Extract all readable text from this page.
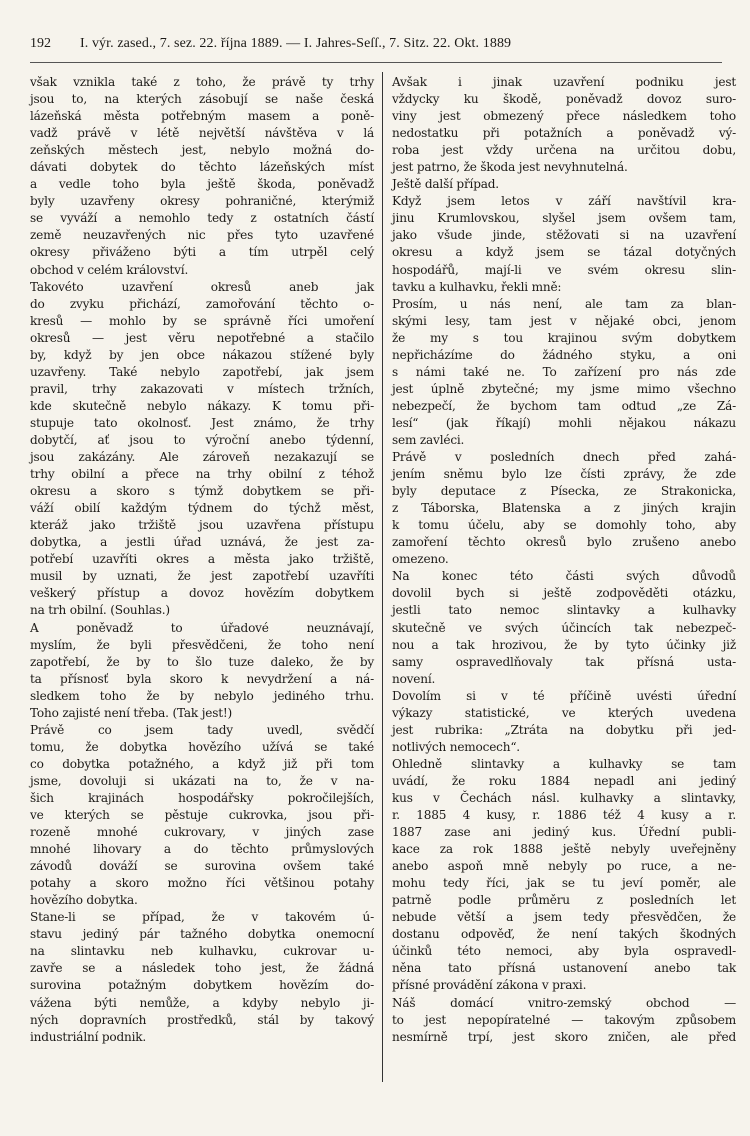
192 I. výr. zased., 7. sez. 22. října 1889. — I. Jahres-Seſſ., 7. Sitz. 22. Okt. 1889
však vznikla také z toho, že právě ty trhy
jsou to, na kterých zásobují se naše česká
lázeňská města potřebným masem a poně-
vadž právě v létě největší návštěva v lá
zeňských městech jest, nebylo možná do-
dávati dobytek do těchto lázeňských míst
a vedle toho byla ještě škoda, poněvadž
byly uzavřeny okresy pohraničné, kterýmiž
se vyváží a nemohlo tedy z ostatních částí
země neuzavřených nic přes tyto uzavřené
okresy přiváženo býti a tím utrpěl celý
obchod v celém království.
Takovéto uzavření okresů aneb jak
do zvyku přichází, zamořování těchto o-
kresů — mohlo by se správně říci umoření
okresů — jest věru nepotřebné a stačilo
by, když by jen obce nákazou stížené byly
uzavřeny. Také nebylo zapotřebí, jak jsem
pravil, trhy zakazovati v místech tržních,
kde skutečně nebylo nákazy. K tomu při-
stupuje tato okolnosť. Jest známo, že trhy
dobytčí, ať jsou to výroční anebo týdenní,
jsou zakázány. Ale zároveň nezakazují se
trhy obilní a přece na trhy obilní z téhož
okresu a skoro s týmž dobytkem se při-
váží obilí každým týdnem do týchž měst,
kteráž jako tržiště jsou uzavřena přístupu
dobytka, a jestli úřad uznává, že jest za-
potřebí uzavříti okres a města jako tržiště,
musil by uznati, že jest zapotřebí uzavříti
veškerý přístup a dovoz hovězím dobytkem
na trh obilní. (Souhlas.)
A poněvadž to úřadové neuznávají,
myslím, že byli přesvědčeni, že toho není
zapotřebí, že by to šlo tuze daleko, že by
ta přísnosť byla skoro k nevydržení a ná-
sledkem toho že by nebylo jediného trhu.
Toho zajisté není třeba. (Tak jest!)
Právě co jsem tady uvedl, svědčí
tomu, že dobytka hovězího užívá se také
co dobytka potažného, a když již při tom
jsme, dovoluji si ukázati na to, že v na-
šich krajinách hospodářsky pokročilejších,
ve kterých se pěstuje cukrovka, jsou při-
rozeně mnohé cukrovary, v jiných zase
mnohé lihovary a do těchto průmyslových
závodů dováží se surovina ovšem také
potahy a skoro možno říci většinou potahy
hovězího dobytka.
Stane-li se případ, že v takovém ú-
stavu jediný pár tažného dobytka onemocní
na slintavku neb kulhavku, cukrovar u-
zavře se a následek toho jest, že žádná
surovina potažným dobytkem hovězím do-
vážena býti nemůže, a kdyby nebylo ji-
ných dopravních prostředků, stál by takový
industriální podnik.
Avšak i jinak uzavření podniku jest
vždycky ku škodě, poněvadž dovoz suro-
viny jest obmezený přece následkem toho
nedostatku při potažních a poněvadž vý-
roba jest vždy určena na určitou dobu,
jest patrno, že škoda jest nevyhnutelná.
Ještě další případ.
Když jsem letos v září navštívil kra-
jinu Krumlovskou, slyšel jsem ovšem tam,
jako všude jinde, stěžovati si na uzavření
okresu a když jsem se tázal dotyčných
hospodářů, mají-li ve svém okresu slin-
tavku a kulhavku, řekli mně:
Prosím, u nás není, ale tam za blan-
skými lesy, tam jest v nějaké obci, jenom
že my s tou krajinou svým dobytkem
nepřicházíme do žádného styku, a oni
s námi také ne. To zařízení pro nás zde
jest úplně zbytečné; my jsme mimo všechno
nebezpečí, že bychom tam odtud „ze Zá-
lesí“ (jak říkají) mohli nějakou nákazu
sem zavléci.
Právě v posledních dnech před zahá-
jením sněmu bylo lze čísti zprávy, že zde
byly deputace z Písecka, ze Strakonicka,
z Táborska, Blatenska a z jiných krajin
k tomu účelu, aby se domohly toho, aby
zamoření těchto okresů bylo zrušeno anebo
omezeno.
Na konec této části svých důvodů
dovolil bych si ještě zodpověděti otázku,
jestli tato nemoc slintavky a kulhavky
skutečně ve svých účincích tak nebezpeč-
nou a tak hrozivou, že by tyto účinky již
samy ospravedlňovaly tak přísná usta-
novení.
Dovolím si v té příčině uvésti úřední
výkazy statistické, ve kterých uvedena
jest rubrika: „Ztráta na dobytku při jed-
notlivých nemocech“.
Ohledně slintavky a kulhavky se tam
uvádí, že roku 1884 nepadl ani jediný
kus v Čechách násl. kulhavky a slintavky,
r. 1885 4 kusy, r. 1886 též 4 kusy a r.
1887 zase ani jediný kus. Úřední publi-
kace za rok 1888 ještě nebyly uveřejněny
anebo aspoň mně nebyly po ruce, a ne-
mohu tedy říci, jak se tu jeví poměr, ale
patrně podle průměru z posledních let
nebude větší a jsem tedy přesvědčen, že
dostanu odpověď, že není takých škodných
účinků této nemoci, aby byla ospravedl-
něna tato přísná ustanovení anebo tak
přísné provádění zákona v praxi.
Náš domácí vnitro-zemský obchod —
to jest nepopíratelné — takovým způsobem
nesmírně trpí, jest skoro zničen, ale před
